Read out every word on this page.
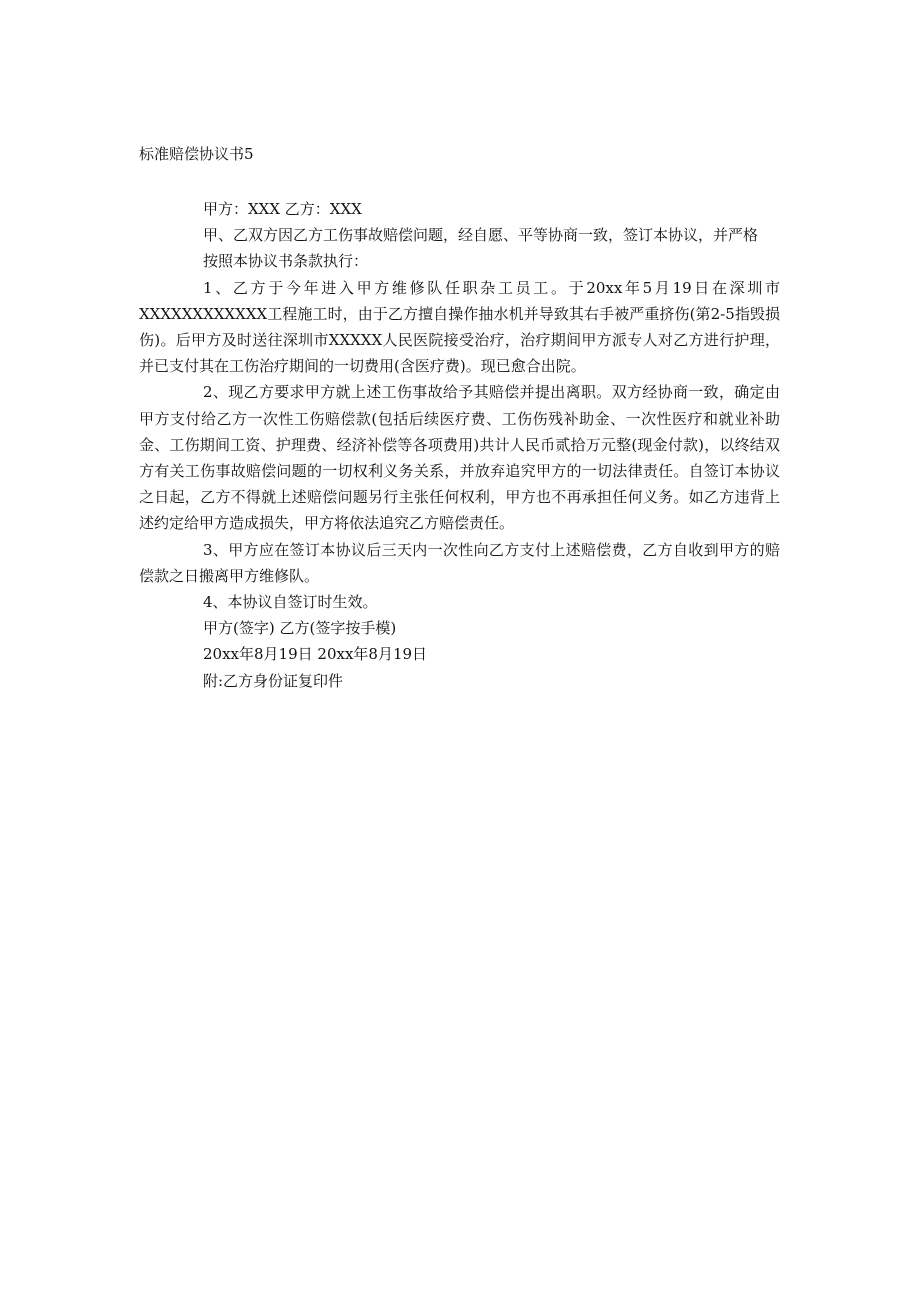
标准赔偿协议书5

甲方：XXX 乙方：XXX

甲、乙双方因乙方工伤事故赔偿问题，经自愿、平等协商一致，签订本协议，并严格

按照本协议书条款执行：

1、乙方于今年进入甲方维修队任职杂工员工。于20xx年5月19日在深圳市XXXXXXXXXXXX工程施工时，由于乙方擅自操作抽水机并导致其右手被严重挤伤(第2-5指毁损伤)。后甲方及时送往深圳市XXXXX人民医院接受治疗，治疗期间甲方派专人对乙方进行护理，并已支付其在工伤治疗期间的一切费用(含医疗费)。现已愈合出院。

2、现乙方要求甲方就上述工伤事故给予其赔偿并提出离职。双方经协商一致，确定由甲方支付给乙方一次性工伤赔偿款(包括后续医疗费、工伤伤残补助金、一次性医疗和就业补助金、工伤期间工资、护理费、经济补偿等各项费用)共计人民币贰拾万元整(现金付款)，以终结双方有关工伤事故赔偿问题的一切权利义务关系，并放弃追究甲方的一切法律责任。自签订本协议之日起，乙方不得就上述赔偿问题另行主张任何权利，甲方也不再承担任何义务。如乙方违背上述约定给甲方造成损失，甲方将依法追究乙方赔偿责任。

3、甲方应在签订本协议后三天内一次性向乙方支付上述赔偿费，乙方自收到甲方的赔偿款之日搬离甲方维修队。

4、本协议自签订时生效。

甲方(签字) 乙方(签字按手模)

20xx年8月19日 20xx年8月19日

附:乙方身份证复印件
